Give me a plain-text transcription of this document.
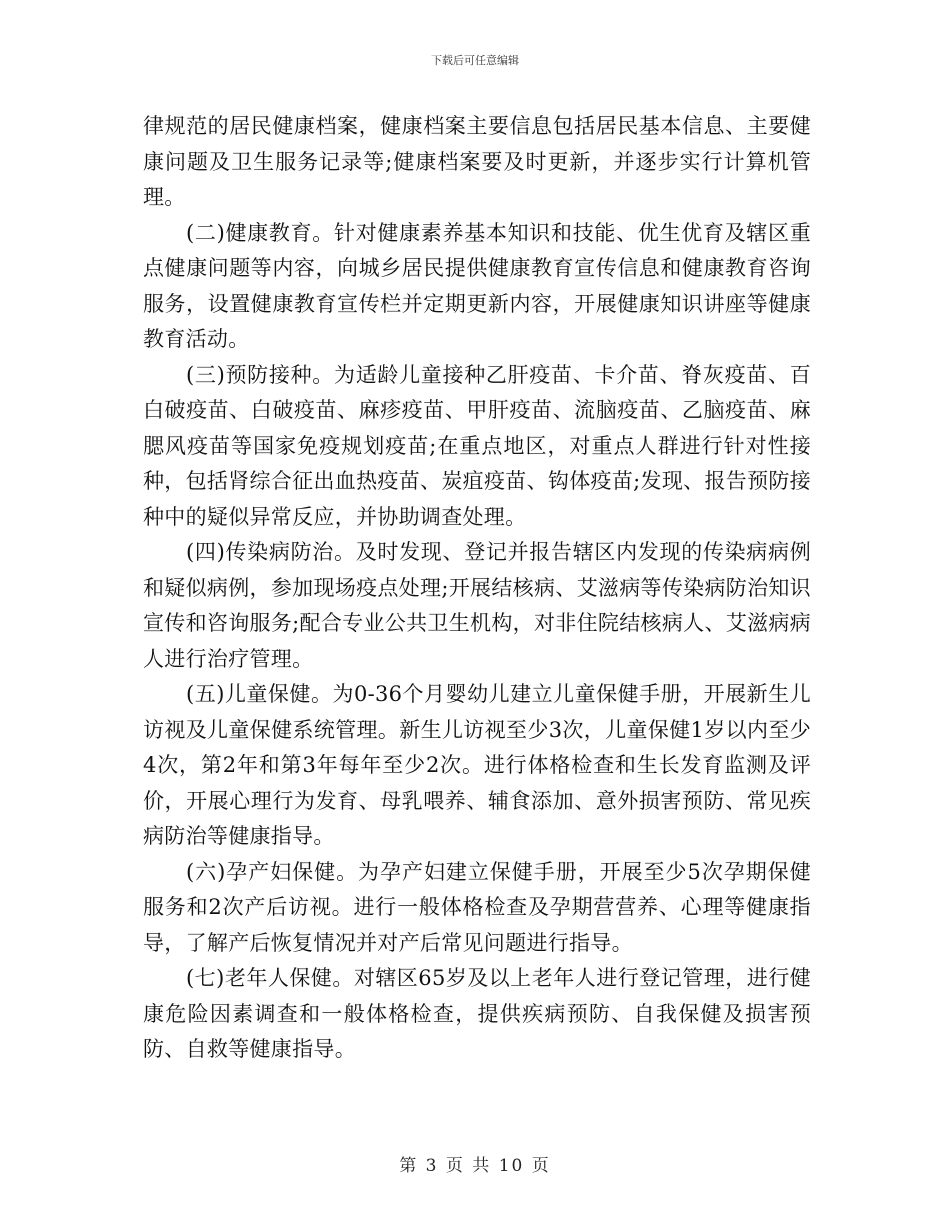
下载后可任意编辑

律规范的居民健康档案，健康档案主要信息包括居民基本信息、主要健康问题及卫生服务记录等;健康档案要及时更新，并逐步实行计算机管理。

(二)健康教育。针对健康素养基本知识和技能、优生优育及辖区重点健康问题等内容，向城乡居民提供健康教育宣传信息和健康教育咨询服务，设置健康教育宣传栏并定期更新内容，开展健康知识讲座等健康教育活动。

(三)预防接种。为适龄儿童接种乙肝疫苗、卡介苗、脊灰疫苗、百白破疫苗、白破疫苗、麻疹疫苗、甲肝疫苗、流脑疫苗、乙脑疫苗、麻腮风疫苗等国家免疫规划疫苗;在重点地区，对重点人群进行针对性接种，包括肾综合征出血热疫苗、炭疽疫苗、钩体疫苗;发现、报告预防接种中的疑似异常反应，并协助调查处理。

(四)传染病防治。及时发现、登记并报告辖区内发现的传染病病例和疑似病例，参加现场疫点处理;开展结核病、艾滋病等传染病防治知识宣传和咨询服务;配合专业公共卫生机构，对非住院结核病人、艾滋病病人进行治疗管理。

(五)儿童保健。为0-36个月婴幼儿建立儿童保健手册，开展新生儿访视及儿童保健系统管理。新生儿访视至少3次，儿童保健1岁以内至少4次，第2年和第3年每年至少2次。进行体格检查和生长发育监测及评价，开展心理行为发育、母乳喂养、辅食添加、意外损害预防、常见疾病防治等健康指导。

(六)孕产妇保健。为孕产妇建立保健手册，开展至少5次孕期保健服务和2次产后访视。进行一般体格检查及孕期营营养、心理等健康指导，了解产后恢复情况并对产后常见问题进行指导。

(七)老年人保健。对辖区65岁及以上老年人进行登记管理，进行健康危险因素调查和一般体格检查，提供疾病预防、自我保健及损害预防、自救等健康指导。

第 3 页 共 10 页
